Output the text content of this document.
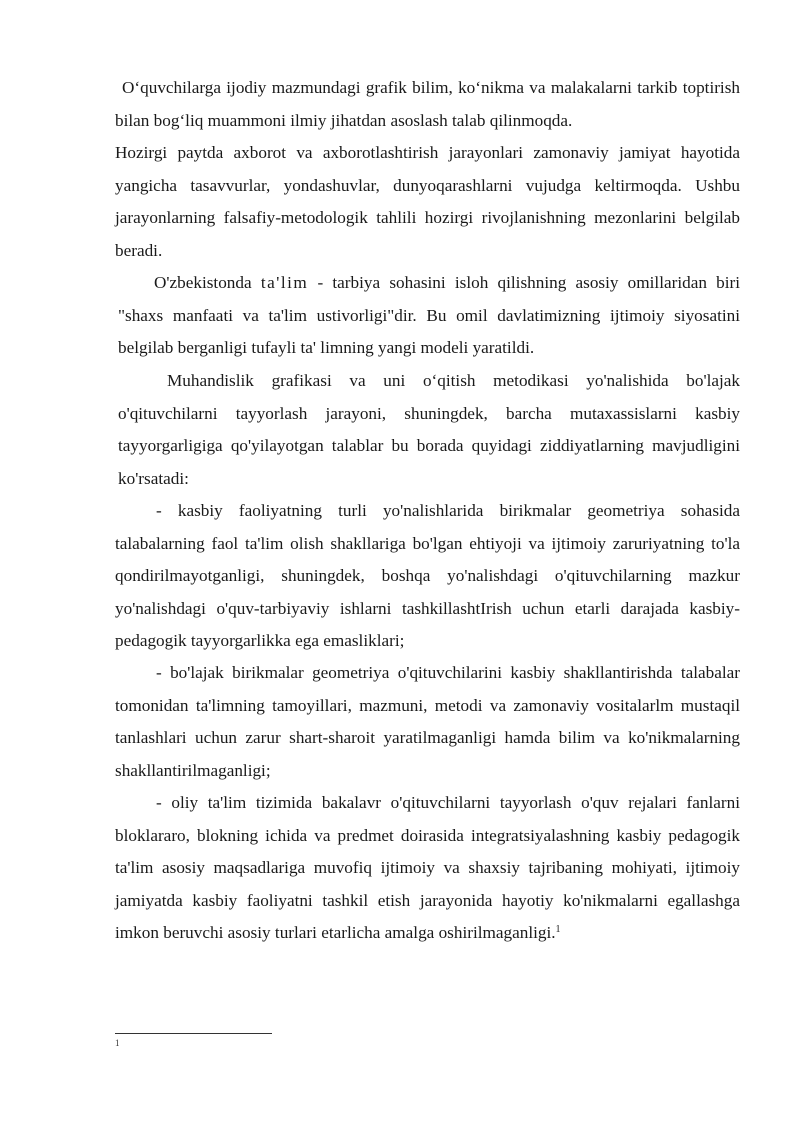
O‘quvchilarga ijodiy mazmundagi grafik bilim, ko‘nikma va malakalarni tarkib toptirish bilan bog‘liq muammoni ilmiy jihatdan asoslash talab qilinmoqda.

Hozirgi paytda axborot va axborotlashtirish jarayonlari zamonaviy jamiyat hayotida yangicha tasavvurlar, yondashuvlar, dunyoqarashlarni vujudga keltirmoqda. Ushbu jarayonlarning falsafiy-metodologik tahlili hozirgi rivojlanishning mezonlarini belgilab beradi.

O'zbekistonda ta'lim - tarbiya sohasini isloh qilishning asosiy omillaridan biri "shaxs manfaati va ta'lim ustivorligi"dir. Bu omil davlatimizning ijtimoiy siyosatini belgilab berganligi tufayli ta' limning yangi modeli yaratildi.

Muhandislik grafikasi va uni o‘qitish metodikasi yo'nalishida bo'lajak o'qituvchilarni tayyorlash jarayoni, shuningdek, barcha mutaxassislarni kasbiy tayyorgarligiga qo'yilayotgan talablar bu borada quyidagi ziddiyatlarning mavjudligini ko'rsatadi:

- kasbiy faoliyatning turli yo'nalishlarida birikmalar geometriya sohasida talabalarning faol ta'lim olish shakllariga bo'lgan ehtiyoji va ijtimoiy zaruriyatning to'la qondirilmayotganligi, shuningdek, boshqa yo'nalishdagi o'qituvchilarning mazkur yo'nalishdagi o'quv-tarbiyaviy ishlarni tashkillashtIrish uchun etarli darajada kasbiy-pedagogik tayyorgarlikka ega emasliklari;

- bo'lajak birikmalar geometriya o'qituvchilarini kasbiy shakllantirishda talabalar tomonidan ta'limning tamoyillari, mazmuni, metodi va zamonaviy vositalarlm mustaqil tanlashlari uchun zarur shart-sharoit yaratilmaganligi hamda bilim va ko'nikmalarning shakllantirilmaganligi;

- oliy ta'lim tizimida bakalavr o'qituvchilarni tayyorlash o'quv rejalari fanlarni bloklararo, blokning ichida va predmet doirasida integratsiyalashning kasbiy pedagogik ta'lim asosiy maqsadlariga muvofiq ijtimoiy va shaxsiy tajribaning mohiyati, ijtimoiy jamiyatda kasbiy faoliyatni tashkil etish jarayonida hayotiy ko'nikmalarni egallashga imkon beruvchi asosiy turlari etarlicha amalga oshirilmaganligi.$^1$

1
